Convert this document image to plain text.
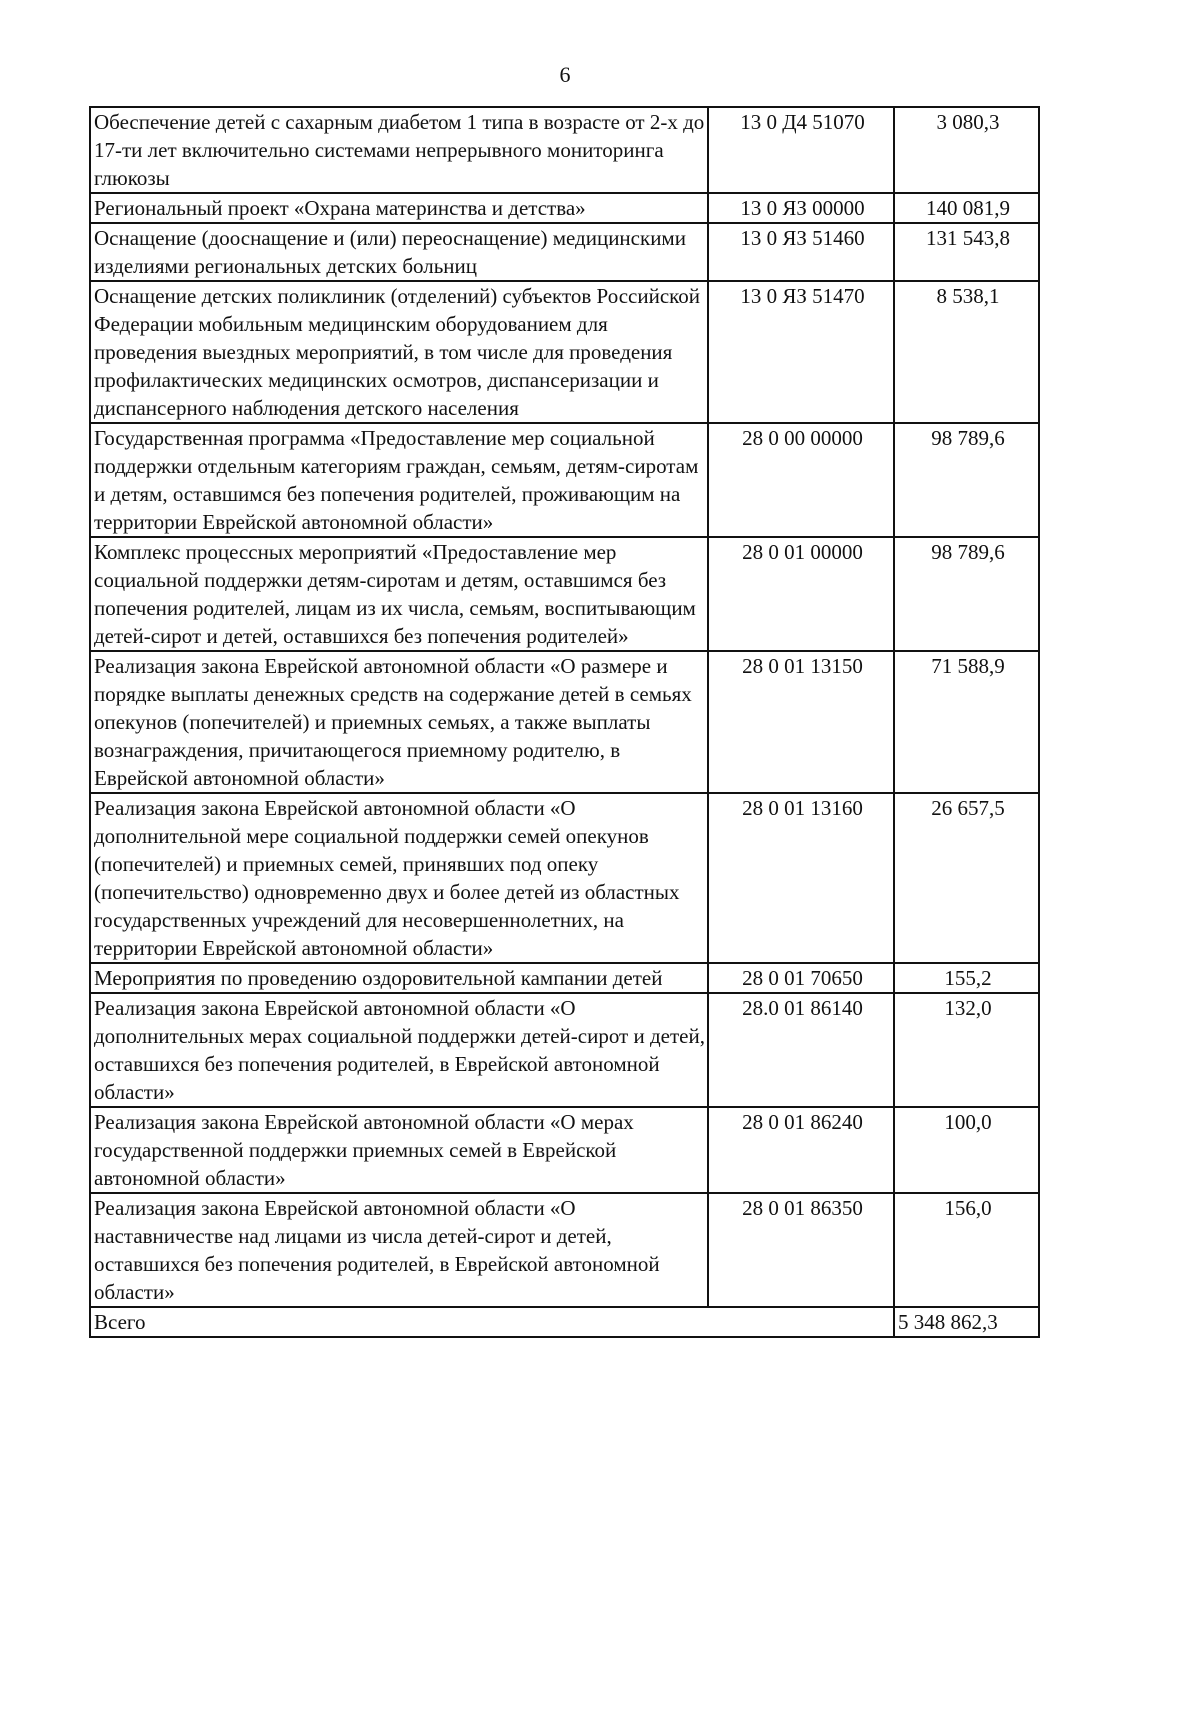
6
Обеспечение детей с сахарным диабетом 1 типа в возрасте от 2-х до 17-ти лет включительно системами непрерывного мониторинга глюкозы	13 0 Д4 51070	3 080,3
Региональный проект «Охрана материнства и детства»	13 0 ЯЗ 00000	140 081,9
Оснащение (дооснащение и (или) переоснащение) медицинскими изделиями региональных детских больниц	13 0 ЯЗ 51460	131 543,8
Оснащение детских поликлиник (отделений) субъектов Российской Федерации мобильным медицинским оборудованием для проведения выездных мероприятий, в том числе для проведения профилактических медицинских осмотров, диспансеризации и диспансерного наблюдения детского населения	13 0 ЯЗ 51470	8 538,1
Государственная программа «Предоставление мер социальной поддержки отдельным категориям граждан, семьям, детям-сиротам и детям, оставшимся без попечения родителей, проживающим на территории Еврейской автономной области»	28 0 00 00000	98 789,6
Комплекс процессных мероприятий «Предоставление мер социальной поддержки детям-сиротам и детям, оставшимся без попечения родителей, лицам из их числа, семьям, воспитывающим детей-сирот и детей, оставшихся без попечения родителей»	28 0 01 00000	98 789,6
Реализация закона Еврейской автономной области «О размере и порядке выплаты денежных средств на содержание детей в семьях опекунов (попечителей) и приемных семьях, а также выплаты вознаграждения, причитающегося приемному родителю, в Еврейской автономной области»	28 0 01 13150	71 588,9
Реализация закона Еврейской автономной области «О дополнительной мере социальной поддержки семей опекунов (попечителей) и приемных семей, принявших под опеку (попечительство) одновременно двух и более детей из областных государственных учреждений для несовершеннолетних, на территории Еврейской автономной области»	28 0 01 13160	26 657,5
Мероприятия по проведению оздоровительной кампании детей	28 0 01 70650	155,2
Реализация закона Еврейской автономной области «О дополнительных мерах социальной поддержки детей-сирот и детей, оставшихся без попечения родителей, в Еврейской автономной области»	28.0 01 86140	132,0
Реализация закона Еврейской автономной области «О мерах государственной поддержки приемных семей в Еврейской автономной области»	28 0 01 86240	100,0
Реализация закона Еврейской автономной области «О наставничестве над лицами из числа детей-сирот и детей, оставшихся без попечения родителей, в Еврейской автономной области»	28 0 01 86350	156,0
Всего		5 348 862,3
